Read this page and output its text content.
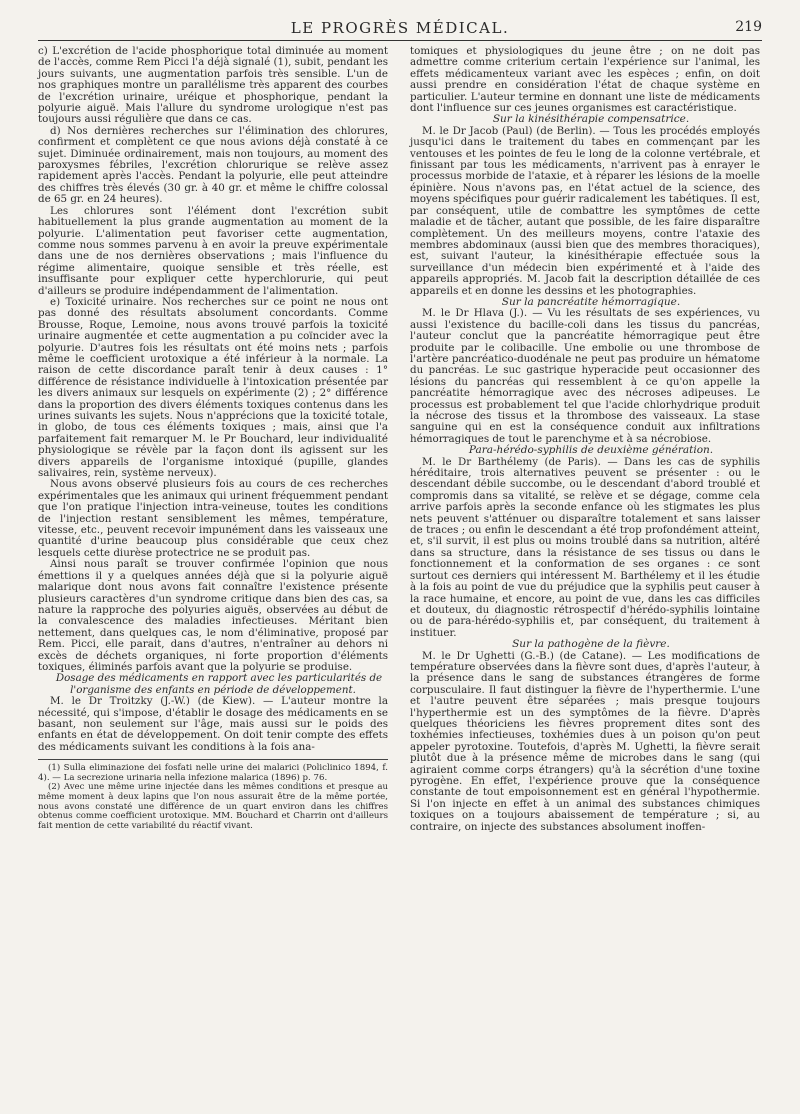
LE PROGRÈS MÉDICAL.	219

c) L'excrétion de l'acide phosphorique total diminuée au moment de l'accès, comme Rem Picci l'a déjà signalé (1), subit, pendant les jours suivants, une augmentation parfois très sensible. L'un de nos graphiques montre un parallélisme très apparent des courbes de l'excrétion urinaire, uréique et phosphorique, pendant la polyurie aiguë. Mais l'allure du syndrome urologique n'est pas toujours aussi régulière que dans ce cas.

d) Nos dernières recherches sur l'élimination des chlorures, confirment et complètent ce que nous avions déjà constaté à ce sujet. Diminuée ordinairement, mais non toujours, au moment des paroxysmes fébriles, l'excrétion chlorurique se relève assez rapidement après l'accès. Pendant la polyurie, elle peut atteindre des chiffres très élevés (30 gr. à 40 gr. et même le chiffre colossal de 65 gr. en 24 heures).

Les chlorures sont l'élément dont l'excrétion subit habituellement la plus grande augmentation au moment de la polyurie. L'alimentation peut favoriser cette augmentation, comme nous sommes parvenu à en avoir la preuve expérimentale dans une de nos dernières observations ; mais l'influence du régime alimentaire, quoique sensible et très réelle, est insuffisante pour expliquer cette hyperchlorurie, qui peut d'ailleurs se produire indépendamment de l'alimentation.

e) Toxicité urinaire. Nos recherches sur ce point ne nous ont pas donné des résultats absolument concordants. Comme Brousse, Roque, Lemoine, nous avons trouvé parfois la toxicité urinaire augmentée et cette augmentation a pu coïncider avec la polyurie. D'autres fois les résultats ont été moins nets ; parfois même le coefficient urotoxique a été inférieur à la normale. La raison de cette discordance paraît tenir à deux causes : 1° différence de résistance individuelle à l'intoxication présentée par les divers animaux sur lesquels on expérimente (2) ; 2° différence dans la proportion des divers éléments toxiques contenus dans les urines suivants les sujets. Nous n'apprécions que la toxicité totale, in globo, de tous ces éléments toxiques ; mais, ainsi que l'a parfaitement fait remarquer M. le Pr Bouchard, leur individualité physiologique se révèle par la façon dont ils agissent sur les divers appareils de l'organisme intoxiqué (pupille, glandes salivaires, rein, système nerveux).

Nous avons observé plusieurs fois au cours de ces recherches expérimentales que les animaux qui urinent fréquemment pendant que l'on pratique l'injection intra-veineuse, toutes les conditions de l'injection restant sensiblement les mêmes, température, vitesse, etc., peuvent recevoir impunément dans les vaisseaux une quantité d'urine beaucoup plus considérable que ceux chez lesquels cette diurèse protectrice ne se produit pas.

Ainsi nous paraît se trouver confirmée l'opinion que nous émettions il y a quelques années déjà que si la polyurie aiguë malarique dont nous avons fait connaître l'existence présente plusieurs caractères d'un syndrome critique dans bien des cas, sa nature la rapproche des polyuries aiguës, observées au début de la convalescence des maladies infectieuses. Méritant bien nettement, dans quelques cas, le nom d'éliminative, proposé par Rem. Picci, elle parait, dans d'autres, n'entraîner au dehors ni excès de déchets organiques, ni forte proportion d'éléments toxiques, éliminés parfois avant que la polyurie se produise.

Dosage des médicaments en rapport avec les particularités de l'organisme des enfants en période de développement.

M. le Dr Troitzky (J.-W.) (de Kiew). — L'auteur montre la nécessité, qui s'impose, d'établir le dosage des médicaments en se basant, non seulement sur l'âge, mais aussi sur le poids des enfants en état de développement. On doit tenir compte des effets des médicaments suivant les conditions à la fois ana-

(1) Sulla eliminazione dei fosfati nelle urine dei malarici (Policlinico 1894, f. 4). — La secrezione urinaria nella infezione malarica (1896) p. 76.

(2) Avec une même urine injectée dans les mêmes conditions et presque au même moment à deux lapins que l'on nous assurait être de la même portée, nous avons constaté une différence de un quart environ dans les chiffres obtenus comme coefficient urotoxique. MM. Bouchard et Charrin ont d'ailleurs fait mention de cette variabilité du réactif vivant.

tomiques et physiologiques du jeune être ; on ne doit pas admettre comme criterium certain l'expérience sur l'animal, les effets médicamenteux variant avec les espèces ; enfin, on doit aussi prendre en considération l'état de chaque système en particulier. L'auteur termine en donnant une liste de médicaments dont l'influence sur ces jeunes organismes est caractéristique.

Sur la kinésithérapie compensatrice.

M. le Dr Jacob (Paul) (de Berlin). — Tous les procédés employés jusqu'ici dans le traitement du tabes en commençant par les ventouses et les pointes de feu le long de la colonne vertébrale, et finissant par tous les médicaments, n'arrivent pas à enrayer le processus morbide de l'ataxie, et à réparer les lésions de la moelle épinière. Nous n'avons pas, en l'état actuel de la science, des moyens spécifiques pour guérir radicalement les tabétiques. Il est, par conséquent, utile de combattre les symptômes de cette maladie et de tâcher, autant que possible, de les faire disparaître complètement. Un des meilleurs moyens, contre l'ataxie des membres abdominaux (aussi bien que des membres thoraciques), est, suivant l'auteur, la kinésithérapie effectuée sous la surveillance d'un médecin bien expérimenté et à l'aide des appareils appropriés. M. Jacob fait la description détaillée de ces appareils et en donne les dessins et les photographies.

Sur la pancréatite hémorragique.

M. le Dr Hlava (J.). — Vu les résultats de ses expériences, vu aussi l'existence du bacille-coli dans les tissus du pancréas, l'auteur conclut que la pancréatite hémorragique peut être produite par le colibacille. Une embolie ou une thrombose de l'artère pancréatico-duodénale ne peut pas produire un hématome du pancréas. Le suc gastrique hyperacide peut occasionner des lésions du pancréas qui ressemblent à ce qu'on appelle la pancréatite hémorragique avec des nécroses adipeuses. Le processus est probablement tel que l'acide chlorhydrique produit la nécrose des tissus et la thrombose des vaisseaux. La stase sanguine qui en est la conséquence conduit aux infiltrations hémorragiques de tout le parenchyme et à sa nécrobiose.

Para-hérédo-syphilis de deuxième génération.

M. le Dr Barthélemy (de Paris). — Dans les cas de syphilis héréditaire, trois alternatives peuvent se présenter : ou le descendant débile succombe, ou le descendant d'abord troublé et compromis dans sa vitalité, se relève et se dégage, comme cela arrive parfois après la seconde enfance où les stigmates les plus nets peuvent s'atténuer ou disparaître totalement et sans laisser de traces ; ou enfin le descendant a été trop profondément atteint, et, s'il survit, il est plus ou moins troublé dans sa nutrition, altéré dans sa structure, dans la résistance de ses tissus ou dans le fonctionnement et la conformation de ses organes : ce sont surtout ces derniers qui intéressent M. Barthélemy et il les étudie à la fois au point de vue du préjudice que la syphilis peut causer à la race humaine, et encore, au point de vue, dans les cas difficiles et douteux, du diagnostic rétrospectif d'hérédo-syphilis lointaine ou de para-hérédo-syphilis et, par conséquent, du traitement à instituer.

Sur la pathogène de la fièvre.

M. le Dr Ughetti (G.-B.) (de Catane). — Les modifications de température observées dans la fièvre sont dues, d'après l'auteur, à la présence dans le sang de substances étrangères de forme corpusculaire. Il faut distinguer la fièvre de l'hyperthermie. L'une et l'autre peuvent être séparées ; mais presque toujours l'hyperthermie est un des symptômes de la fièvre. D'après quelques théoriciens les fièvres proprement dites sont des toxhémies infectieuses, toxhémies dues à un poison qu'on peut appeler pyrotoxine. Toutefois, d'après M. Ughetti, la fièvre serait plutôt due à la présence même de microbes dans le sang (qui agiraient comme corps étrangers) qu'à la sécrétion d'une toxine pyrogène. En effet, l'expérience prouve que la conséquence constante de tout empoisonnement est en général l'hypothermie. Si l'on injecte en effet à un animal des substances chimiques toxiques on a toujours abaissement de température ; si, au contraire, on injecte des substances absolument inoffen-
